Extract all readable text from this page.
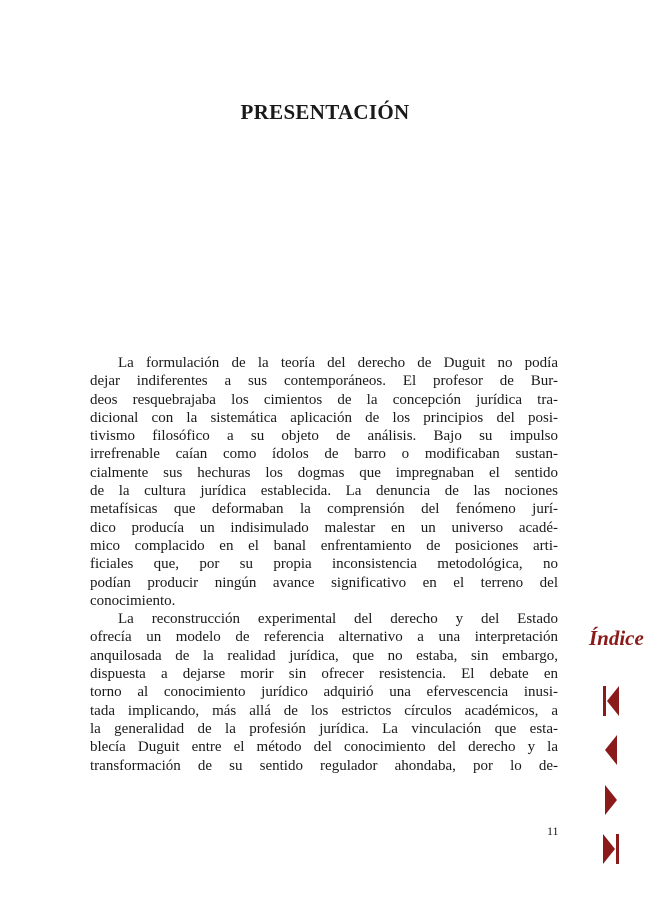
PRESENTACIÓN

La formulación de la teoría del derecho de Duguit no podía
dejar indiferentes a sus contemporáneos. El profesor de Bur-
deos resquebrajaba los cimientos de la concepción jurídica tra-
dicional con la sistemática aplicación de los principios del posi-
tivismo filosófico a su objeto de análisis. Bajo su impulso
irrefrenable caían como ídolos de barro o modificaban sustan-
cialmente sus hechuras los dogmas que impregnaban el sentido
de la cultura jurídica establecida. La denuncia de las nociones
metafísicas que deformaban la comprensión del fenómeno jurí-
dico producía un indisimulado malestar en un universo acadé-
mico complacido en el banal enfrentamiento de posiciones arti-
ficiales que, por su propia inconsistencia metodológica, no
podían producir ningún avance significativo en el terreno del
conocimiento.

La reconstrucción experimental del derecho y del Estado
ofrecía un modelo de referencia alternativo a una interpretación
anquilosada de la realidad jurídica, que no estaba, sin embargo,
dispuesta a dejarse morir sin ofrecer resistencia. El debate en
torno al conocimiento jurídico adquirió una efervescencia inusi-
tada implicando, más allá de los estrictos círculos académicos, a
la generalidad de la profesión jurídica. La vinculación que esta-
blecía Duguit entre el método del conocimiento del derecho y la
transformación de su sentido regulador ahondaba, por lo de-

Índice

11
